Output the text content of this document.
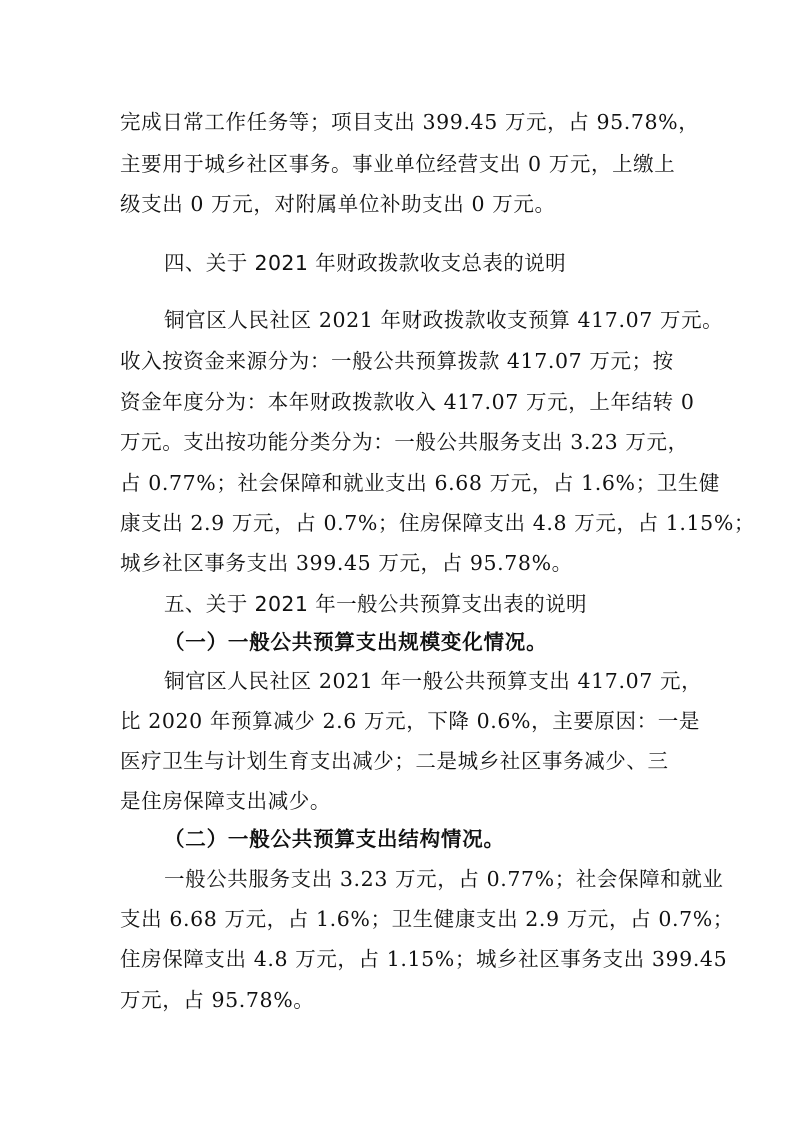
完成日常工作任务等；项目支出 399.45 万元，占 95.78%，
主要用于城乡社区事务。事业单位经营支出 0 万元，上缴上
级支出 0 万元，对附属单位补助支出 0 万元。
四、关于 2021 年财政拨款收支总表的说明
铜官区人民社区 2021 年财政拨款收支预算 417.07 万元。
收入按资金来源分为：一般公共预算拨款 417.07 万元；按
资金年度分为：本年财政拨款收入 417.07 万元，上年结转 0
万元。支出按功能分类分为：一般公共服务支出 3.23 万元，
占 0.77%；社会保障和就业支出 6.68 万元，占 1.6%；卫生健
康支出 2.9 万元，占 0.7%；住房保障支出 4.8 万元，占 1.15%；
城乡社区事务支出 399.45 万元，占 95.78%。
五、关于 2021 年一般公共预算支出表的说明
（一）一般公共预算支出规模变化情况。
铜官区人民社区 2021 年一般公共预算支出 417.07 元，
比 2020 年预算减少 2.6 万元，下降 0.6%，主要原因：一是
医疗卫生与计划生育支出减少；二是城乡社区事务减少、三
是住房保障支出减少。
（二）一般公共预算支出结构情况。
一般公共服务支出 3.23 万元，占 0.77%；社会保障和就业
支出 6.68 万元，占 1.6%；卫生健康支出 2.9 万元，占 0.7%；
住房保障支出 4.8 万元，占 1.15%；城乡社区事务支出 399.45
万元，占 95.78%。
